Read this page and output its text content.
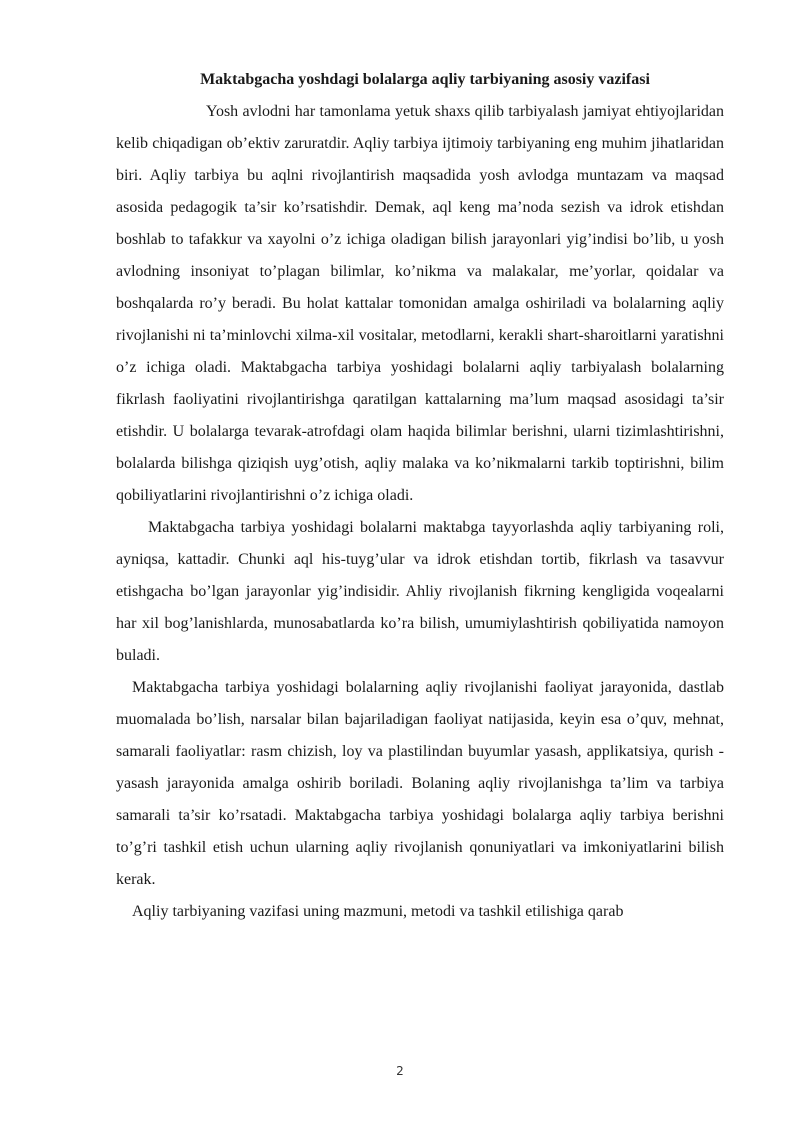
Maktabgacha yoshdagi bolalarga aqliy tarbiyaning asosiy vazifasi

Yosh avlodni har tamonlama yetuk shaxs qilib tarbiyalash jamiyat ehtiyojlaridan kelib chiqadigan ob’ektiv zaruratdir. Aqliy tarbiya ijtimoiy tarbiyaning eng muhim jihatlaridan biri. Aqliy tarbiya bu aqlni rivojlantirish maqsadida yosh avlodga muntazam va maqsad asosida pedagogik ta’sir ko’rsatishdir. Demak, aql keng ma’noda sezish va idrok etishdan boshlab to tafakkur va xayolni o’z ichiga oladigan bilish jarayonlari yig’indisi bo’lib, u yosh avlodning insoniyat to’plagan bilimlar, ko’nikma va malakalar, me’yorlar, qoidalar va boshqalarda ro’y beradi. Bu holat kattalar tomonidan amalga oshiriladi va bolalarning aqliy rivojlanishi ni ta’minlovchi xilma-xil vositalar, metodlarni, kerakli shart-sharoitlarni yaratishni o’z ichiga oladi. Maktabgacha tarbiya yoshidagi bolalarni aqliy tarbiyalash bolalarning fikrlash faoliyatini rivojlantirishga qaratilgan kattalarning ma’lum maqsad asosidagi ta’sir etishdir. U bolalarga tevarak-atrofdagi olam haqida bilimlar berishni, ularni tizimlashtirishni, bolalarda bilishga qiziqish uyg’otish, aqliy malaka va ko’nikmalarni tarkib toptirishni, bilim qobiliyatlarini rivojlantirishni o’z ichiga oladi.

Maktabgacha tarbiya yoshidagi bolalarni maktabga tayyorlashda aqliy tarbiyaning roli, ayniqsa, kattadir. Chunki aql his-tuyg’ular va idrok etishdan tortib, fikrlash va tasavvur etishgacha bo’lgan jarayonlar yig’indisidir. Ahliy rivojlanish fikrning kengligida voqealarni har xil bog’lanishlarda, munosabatlarda ko’ra bilish, umumiylashtirish qobiliyatida namoyon buladi.

Maktabgacha tarbiya yoshidagi bolalarning aqliy rivojlanishi faoliyat jarayonida, dastlab muomalada bo’lish, narsalar bilan bajariladigan faoliyat natijasida, keyin esa o’quv, mehnat, samarali faoliyatlar: rasm chizish, loy va plastilindan buyumlar yasash, applikatsiya, qurish - yasash jarayonida amalga oshirib boriladi. Bolaning aqliy rivojlanishga ta’lim va tarbiya samarali ta’sir ko’rsatadi. Maktabgacha tarbiya yoshidagi bolalarga aqliy tarbiya berishni to’g’ri tashkil etish uchun ularning aqliy rivojlanish qonuniyatlari va imkoniyatlarini bilish kerak.

Aqliy tarbiyaning vazifasi uning mazmuni, metodi va tashkil etilishiga qarab

2
